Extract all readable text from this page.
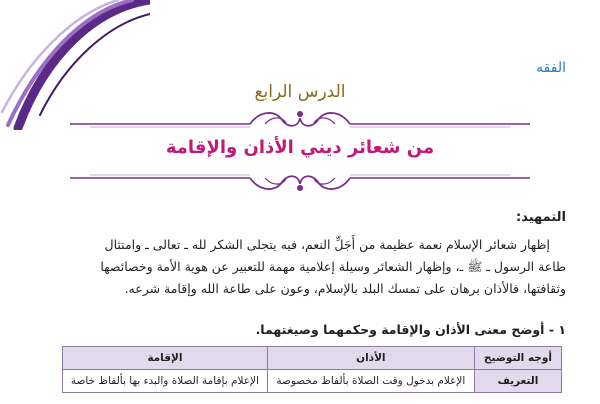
الفقه
الدرس الرابع
من شعائر ديني الأذان والإقامة
التمهيد:

إظهار شعائر الإسلام نعمة عظيمة من أَجَلِّ النعم، فيه يتجلى الشكر لله ـ تعالى ـ وامتثال

طاعة الرسول ـ ﷺ ـ، وإظهار الشعائر وسيلة إعلامية مهمة للتعبير عن هوية الأمة وخصائصها

وثقافتها، فالأذان برهان على تمسك البلد بالإسلام، وعون على طاعة الله وإقامة شرعه.

١ - أوضح معنى الأذان والإقامة وحكمهما وصيغتهما.
أوجه التوضيح	الأذان	الإقامة
التعريف	الإعلام بدخول وقت الصلاة بألفاظ مخصوصة	الإعلام بإقامة الصلاة والبدء بها بألفاظ خاصة
